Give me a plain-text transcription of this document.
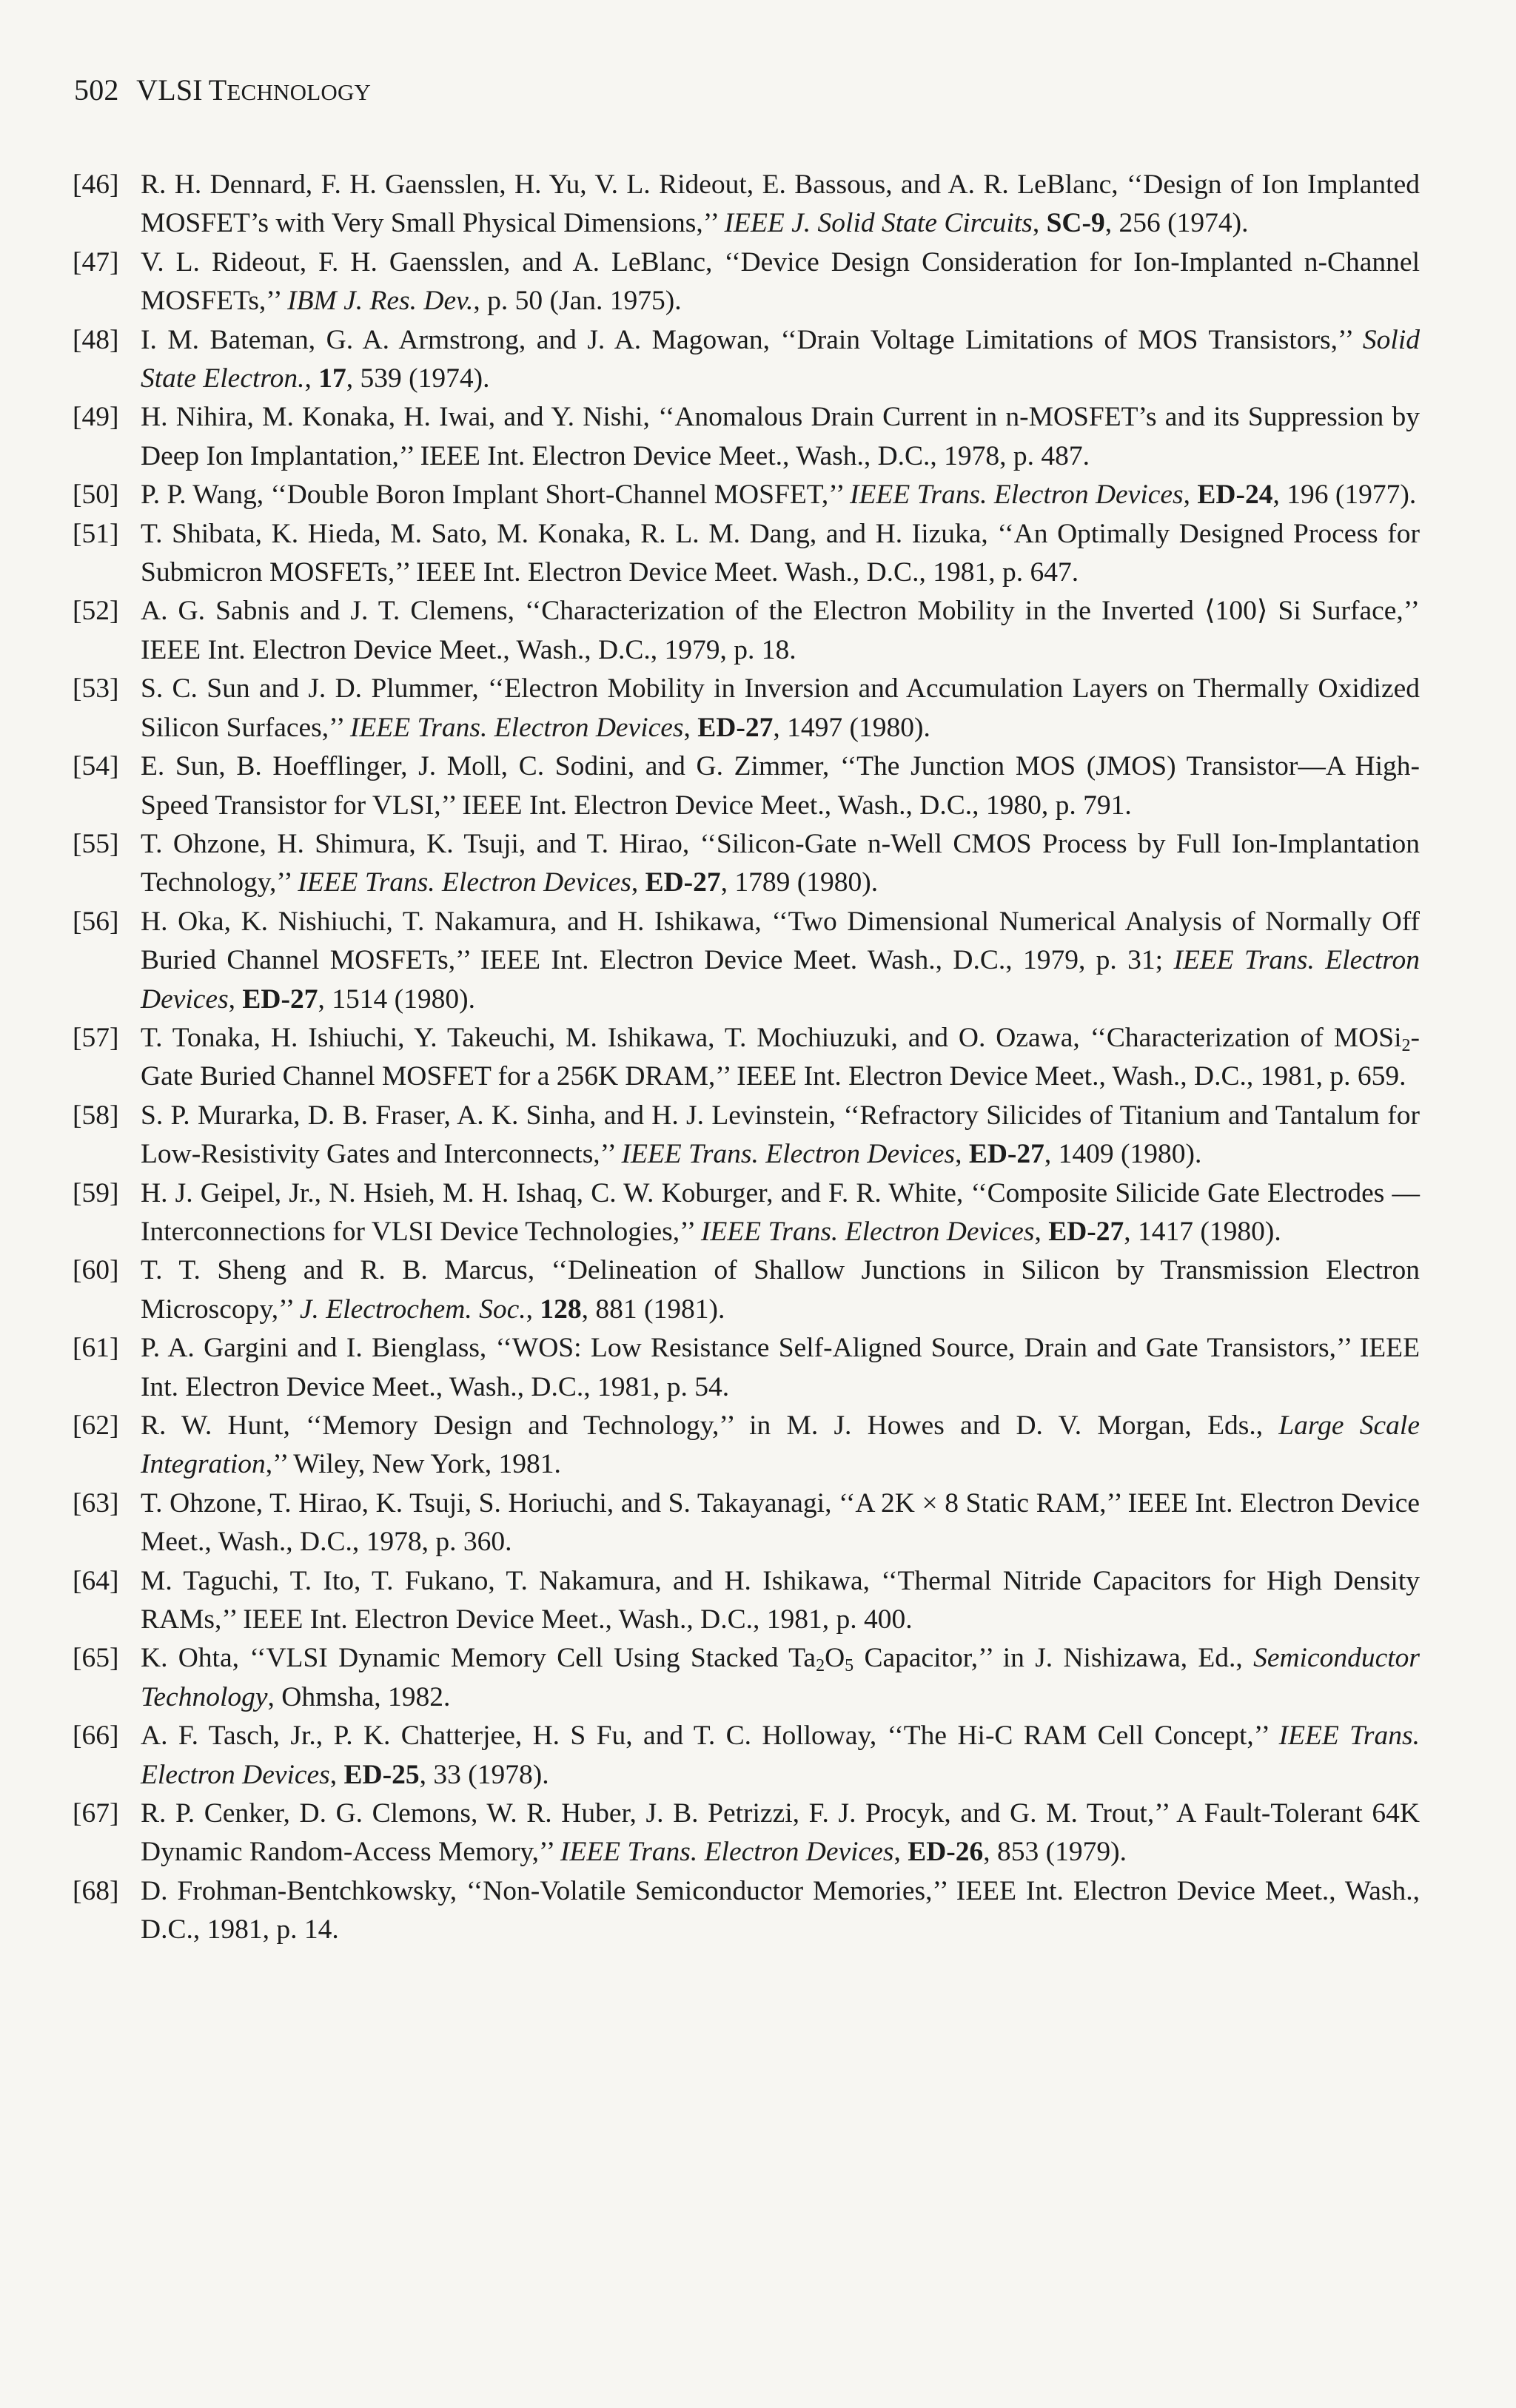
502 VLSI TECHNOLOGY
[46] R. H. Dennard, F. H. Gaensslen, H. Yu, V. L. Rideout, E. Bassous, and A. R. LeBlanc, ‘‘Design of Ion Implanted MOSFET’s with Very Small Physical Dimensions,’’ IEEE J. Solid State Circuits, SC-9, 256 (1974).
[47] V. L. Rideout, F. H. Gaensslen, and A. LeBlanc, ‘‘Device Design Consideration for Ion-Implanted n-Channel MOSFETs,’’ IBM J. Res. Dev., p. 50 (Jan. 1975).
[48] I. M. Bateman, G. A. Armstrong, and J. A. Magowan, ‘‘Drain Voltage Limitations of MOS Transistors,’’ Solid State Electron., 17, 539 (1974).
[49] H. Nihira, M. Konaka, H. Iwai, and Y. Nishi, ‘‘Anomalous Drain Current in n-MOSFET’s and its Suppression by Deep Ion Implantation,’’ IEEE Int. Electron Device Meet., Wash., D.C., 1978, p. 487.
[50] P. P. Wang, ‘‘Double Boron Implant Short-Channel MOSFET,’’ IEEE Trans. Electron Devices, ED-24, 196 (1977).
[51] T. Shibata, K. Hieda, M. Sato, M. Konaka, R. L. M. Dang, and H. Iizuka, ‘‘An Optimally Designed Process for Submicron MOSFETs,’’ IEEE Int. Electron Device Meet. Wash., D.C., 1981, p. 647.
[52] A. G. Sabnis and J. T. Clemens, ‘‘Characterization of the Electron Mobility in the Inverted ⟨100⟩ Si Surface,’’ IEEE Int. Electron Device Meet., Wash., D.C., 1979, p. 18.
[53] S. C. Sun and J. D. Plummer, ‘‘Electron Mobility in Inversion and Accumulation Layers on Thermally Oxidized Silicon Surfaces,’’ IEEE Trans. Electron Devices, ED-27, 1497 (1980).
[54] E. Sun, B. Hoefflinger, J. Moll, C. Sodini, and G. Zimmer, ‘‘The Junction MOS (JMOS) Transistor—A High-Speed Transistor for VLSI,’’ IEEE Int. Electron Device Meet., Wash., D.C., 1980, p. 791.
[55] T. Ohzone, H. Shimura, K. Tsuji, and T. Hirao, ‘‘Silicon-Gate n-Well CMOS Process by Full Ion-Implantation Technology,’’ IEEE Trans. Electron Devices, ED-27, 1789 (1980).
[56] H. Oka, K. Nishiuchi, T. Nakamura, and H. Ishikawa, ‘‘Two Dimensional Numerical Analysis of Normally Off Buried Channel MOSFETs,’’ IEEE Int. Electron Device Meet. Wash., D.C., 1979, p. 31; IEEE Trans. Electron Devices, ED-27, 1514 (1980).
[57] T. Tonaka, H. Ishiuchi, Y. Takeuchi, M. Ishikawa, T. Mochiuzuki, and O. Ozawa, ‘‘Characterization of MOSi$_2$-Gate Buried Channel MOSFET for a 256K DRAM,’’ IEEE Int. Electron Device Meet., Wash., D.C., 1981, p. 659.
[58] S. P. Murarka, D. B. Fraser, A. K. Sinha, and H. J. Levinstein, ‘‘Refractory Silicides of Titanium and Tantalum for Low-Resistivity Gates and Interconnects,’’ IEEE Trans. Electron Devices, ED-27, 1409 (1980).
[59] H. J. Geipel, Jr., N. Hsieh, M. H. Ishaq, C. W. Koburger, and F. R. White, ‘‘Composite Silicide Gate Electrodes — Interconnections for VLSI Device Technologies,’’ IEEE Trans. Electron Devices, ED-27, 1417 (1980).
[60] T. T. Sheng and R. B. Marcus, ‘‘Delineation of Shallow Junctions in Silicon by Transmission Electron Microscopy,’’ J. Electrochem. Soc., 128, 881 (1981).
[61] P. A. Gargini and I. Bienglass, ‘‘WOS: Low Resistance Self-Aligned Source, Drain and Gate Transistors,’’ IEEE Int. Electron Device Meet., Wash., D.C., 1981, p. 54.
[62] R. W. Hunt, ‘‘Memory Design and Technology,’’ in M. J. Howes and D. V. Morgan, Eds., Large Scale Integration,’’ Wiley, New York, 1981.
[63] T. Ohzone, T. Hirao, K. Tsuji, S. Horiuchi, and S. Takayanagi, ‘‘A 2K × 8 Static RAM,’’ IEEE Int. Electron Device Meet., Wash., D.C., 1978, p. 360.
[64] M. Taguchi, T. Ito, T. Fukano, T. Nakamura, and H. Ishikawa, ‘‘Thermal Nitride Capacitors for High Density RAMs,’’ IEEE Int. Electron Device Meet., Wash., D.C., 1981, p. 400.
[65] K. Ohta, ‘‘VLSI Dynamic Memory Cell Using Stacked $Ta_2O_5$ Capacitor,’’ in J. Nishizawa, Ed., Semiconductor Technology, Ohmsha, 1982.
[66] A. F. Tasch, Jr., P. K. Chatterjee, H. S Fu, and T. C. Holloway, ‘‘The Hi-C RAM Cell Concept,’’ IEEE Trans. Electron Devices, ED-25, 33 (1978).
[67] R. P. Cenker, D. G. Clemons, W. R. Huber, J. B. Petrizzi, F. J. Procyk, and G. M. Trout,’’ A Fault-Tolerant 64K Dynamic Random-Access Memory,’’ IEEE Trans. Electron Devices, ED-26, 853 (1979).
[68] D. Frohman-Bentchkowsky, ‘‘Non-Volatile Semiconductor Memories,’’ IEEE Int. Electron Device Meet., Wash., D.C., 1981, p. 14.
